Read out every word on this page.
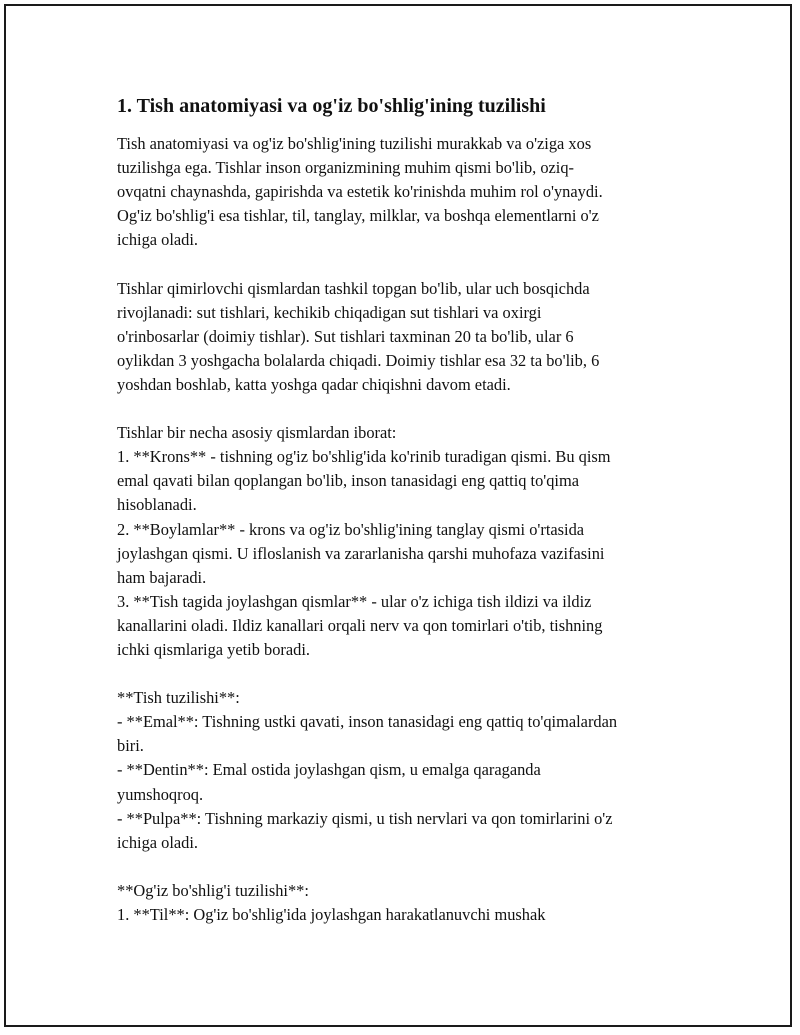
1. Tish anatomiyasi va og'iz bo'shlig'ining tuzilishi
Tish anatomiyasi va og'iz bo'shlig'ining tuzilishi murakkab va o'ziga xos
tuzilishga ega. Tishlar inson organizmining muhim qismi bo'lib, oziq-
ovqatni chaynashda, gapirishda va estetik ko'rinishda muhim rol o'ynaydi.
Og'iz bo'shlig'i esa tishlar, til, tanglay, milklar, va boshqa elementlarni o'z
ichiga oladi.
Tishlar qimirlovchi qismlardan tashkil topgan bo'lib, ular uch bosqichda
rivojlanadi: sut tishlari, kechikib chiqadigan sut tishlari va oxirgi
o'rinbosarlar (doimiy tishlar). Sut tishlari taxminan 20 ta bo'lib, ular 6
oylikdan 3 yoshgacha bolalarda chiqadi. Doimiy tishlar esa 32 ta bo'lib, 6
yoshdan boshlab, katta yoshga qadar chiqishni davom etadi.
Tishlar bir necha asosiy qismlardan iborat:
1. **Krons** - tishning og'iz bo'shlig'ida ko'rinib turadigan qismi. Bu qism
emal qavati bilan qoplangan bo'lib, inson tanasidagi eng qattiq to'qima
hisoblanadi.
2. **Boylamlar** - krons va og'iz bo'shlig'ining tanglay qismi o'rtasida
joylashgan qismi. U ifloslanish va zararlanisha qarshi muhofaza vazifasini
ham bajaradi.
3. **Tish tagida joylashgan qismlar** - ular o'z ichiga tish ildizi va ildiz
kanallarini oladi. Ildiz kanallari orqali nerv va qon tomirlari o'tib, tishning
ichki qismlariga yetib boradi.
**Tish tuzilishi**:
- **Emal**: Tishning ustki qavati, inson tanasidagi eng qattiq to'qimalardan
biri.
- **Dentin**: Emal ostida joylashgan qism, u emalga qaraganda
yumshoqroq.
- **Pulpa**: Tishning markaziy qismi, u tish nervlari va qon tomirlarini o'z
ichiga oladi.
**Og'iz bo'shlig'i tuzilishi**:
1. **Til**: Og'iz bo'shlig'ida joylashgan harakatlanuvchi mushak
